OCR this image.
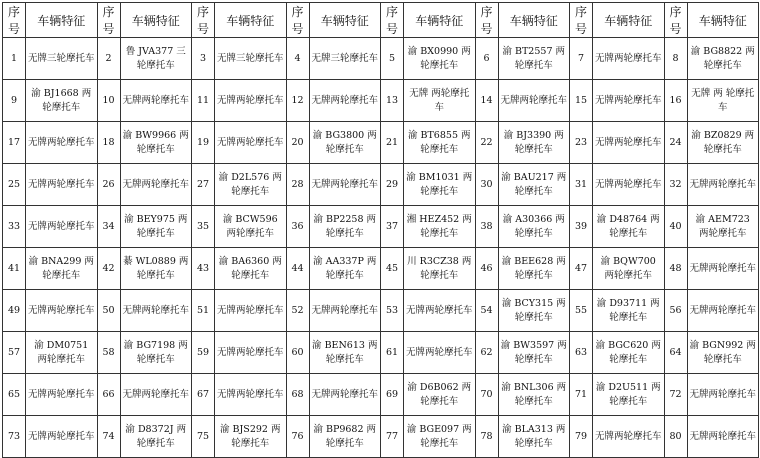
序号	车辆特征	序号	车辆特征	序号	车辆特征	序号	车辆特征	序号	车辆特征	序号	车辆特征	序号	车辆特征	序号	车辆特征
1	无牌三轮摩托车	2	鲁 JVA377 三轮摩托车	3	无牌三轮摩托车	4	无牌三轮摩托车	5	渝 BX0990 两轮摩托车	6	渝 BT2557 两轮摩托车	7	无牌两轮摩托车	8	渝 BG8822 两轮摩托车
9	渝 BJ1668 两轮摩托车	10	无牌两轮摩托车	11	无牌两轮摩托车	12	无牌两轮摩托车	13	无牌 两轮摩托车	14	无牌两轮摩托车	15	无牌两轮摩托车	16	无牌 两 轮摩托车
17	无牌两轮摩托车	18	渝 BW9966 两轮摩托车	19	无牌两轮摩托车	20	渝 BG3800 两轮摩托车	21	渝 BT6855 两轮摩托车	22	渝 BJ3390 两轮摩托车	23	无牌两轮摩托车	24	渝 BZ0829 两轮摩托车
25	无牌两轮摩托车	26	无牌两轮摩托车	27	渝 D2L576 两轮摩托车	28	无牌两轮摩托车	29	渝 BM1031 两轮摩托车	30	渝 BAU217 两轮摩托车	31	无牌两轮摩托车	32	无牌两轮摩托车
33	无牌两轮摩托车	34	渝 BEY975 两轮摩托车	35	渝 BCW596 两轮摩托车	36	渝 BP2258 两轮摩托车	37	湘 HEZ452 两轮摩托车	38	渝 A30366 两轮摩托车	39	渝 D48764 两轮摩托车	40	渝 AEM723 两轮摩托车
41	渝 BNA299 两轮摩托车	42	綦 WL0889 两轮摩托车	43	渝 BA6360 两轮摩托车	44	渝 AA337P 两轮摩托车	45	川 R3CZ38 两轮摩托车	46	渝 BEE628 两轮摩托车	47	渝 BQW700 两轮摩托车	48	无牌两轮摩托车
49	无牌两轮摩托车	50	无牌两轮摩托车	51	无牌两轮摩托车	52	无牌两轮摩托车	53	无牌两轮摩托车	54	渝 BCY315 两轮摩托车	55	渝 D93711 两轮摩托车	56	无牌两轮摩托车
57	渝 DM0751 两轮摩托车	58	渝 BG7198 两轮摩托车	59	无牌两轮摩托车	60	渝 BEN613 两轮摩托车	61	无牌两轮摩托车	62	渝 BW3597 两轮摩托车	63	渝 BGC620 两轮摩托车	64	渝 BGN992 两轮摩托车
65	无牌两轮摩托车	66	无牌两轮摩托车	67	无牌两轮摩托车	68	无牌两轮摩托车	69	渝 D6B062 两轮摩托车	70	渝 BNL306 两轮摩托车	71	渝 D2U511 两轮摩托车	72	无牌两轮摩托车
73	无牌两轮摩托车	74	渝 D8372J 两轮摩托车	75	渝 BJS292 两轮摩托车	76	渝 BP9682 两轮摩托车	77	渝 BGE097 两轮摩托车	78	渝 BLA313 两轮摩托车	79	无牌两轮摩托车	80	无牌两轮摩托车
